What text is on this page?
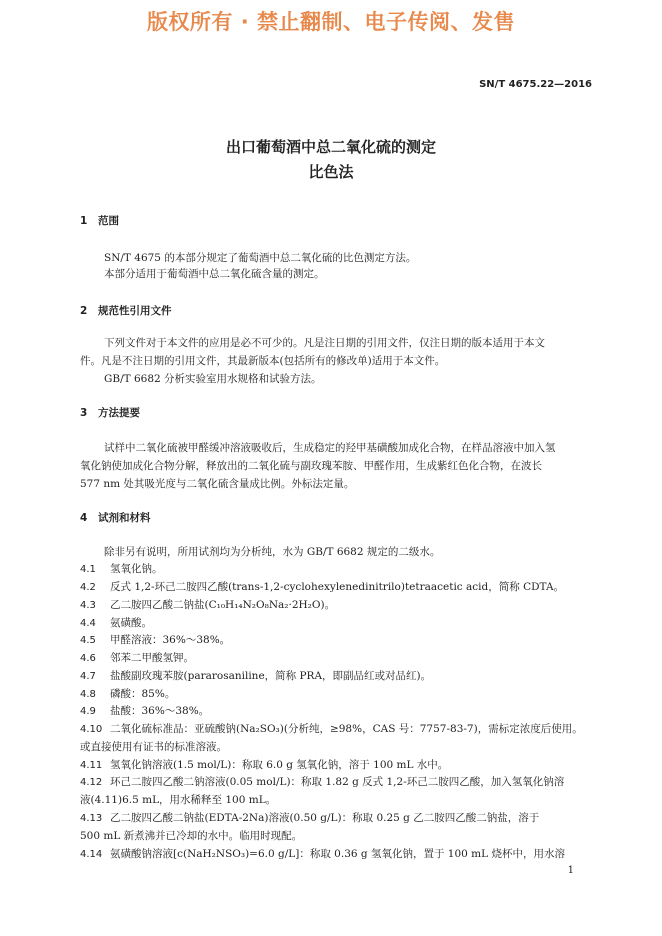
版权所有 · 禁止翻制、电子传阅、发售
SN/T 4675.22—2016
出口葡萄酒中总二氧化硫的测定
比色法
1 范围
SN/T 4675 的本部分规定了葡萄酒中总二氧化硫的比色测定方法。
本部分适用于葡萄酒中总二氧化硫含量的测定。
2 规范性引用文件
下列文件对于本文件的应用是必不可少的。凡是注日期的引用文件，仅注日期的版本适用于本文
件。凡是不注日期的引用文件，其最新版本(包括所有的修改单)适用于本文件。
GB/T 6682 分析实验室用水规格和试验方法。
3 方法提要
试样中二氧化硫被甲醛缓冲溶液吸收后，生成稳定的羟甲基磺酸加成化合物，在样品溶液中加入氢
氧化钠使加成化合物分解，释放出的二氧化硫与副玫瑰苯胺、甲醛作用，生成紫红色化合物，在波长
577 nm 处其吸光度与二氧化硫含量成比例。外标法定量。
4 试剂和材料
除非另有说明，所用试剂均为分析纯，水为 GB/T 6682 规定的二级水。
4.1 氢氧化钠。
4.2 反式 1,2-环己二胺四乙酸(trans-1,2-cyclohexylenedinitrilo)tetraacetic acid，简称 CDTA。
4.3 乙二胺四乙酸二钠盐(C₁₀H₁₄N₂O₈Na₂·2H₂O)。
4.4 氨磺酸。
4.5 甲醛溶液：36%～38%。
4.6 邻苯二甲酸氢钾。
4.7 盐酸副玫瑰苯胺(pararosaniline，简称 PRA，即副品红或对品红)。
4.8 磷酸：85%。
4.9 盐酸：36%～38%。
4.10 二氧化硫标准品：亚硫酸钠(Na₂SO₃)(分析纯，≥98%，CAS 号：7757-83-7)，需标定浓度后使用。
或直接使用有证书的标准溶液。
4.11 氢氧化钠溶液(1.5 mol/L)：称取 6.0 g 氢氧化钠，溶于 100 mL 水中。
4.12 环己二胺四乙酸二钠溶液(0.05 mol/L)：称取 1.82 g 反式 1,2-环己二胺四乙酸，加入氢氧化钠溶
液(4.11)6.5 mL，用水稀释至 100 mL。
4.13 乙二胺四乙酸二钠盐(EDTA-2Na)溶液(0.50 g/L)：称取 0.25 g 乙二胺四乙酸二钠盐，溶于
500 mL 新煮沸并已冷却的水中。临用时现配。
4.14 氨磺酸钠溶液[c(NaH₂NSO₃)=6.0 g/L]：称取 0.36 g 氢氧化钠，置于 100 mL 烧杯中，用水溶
1
